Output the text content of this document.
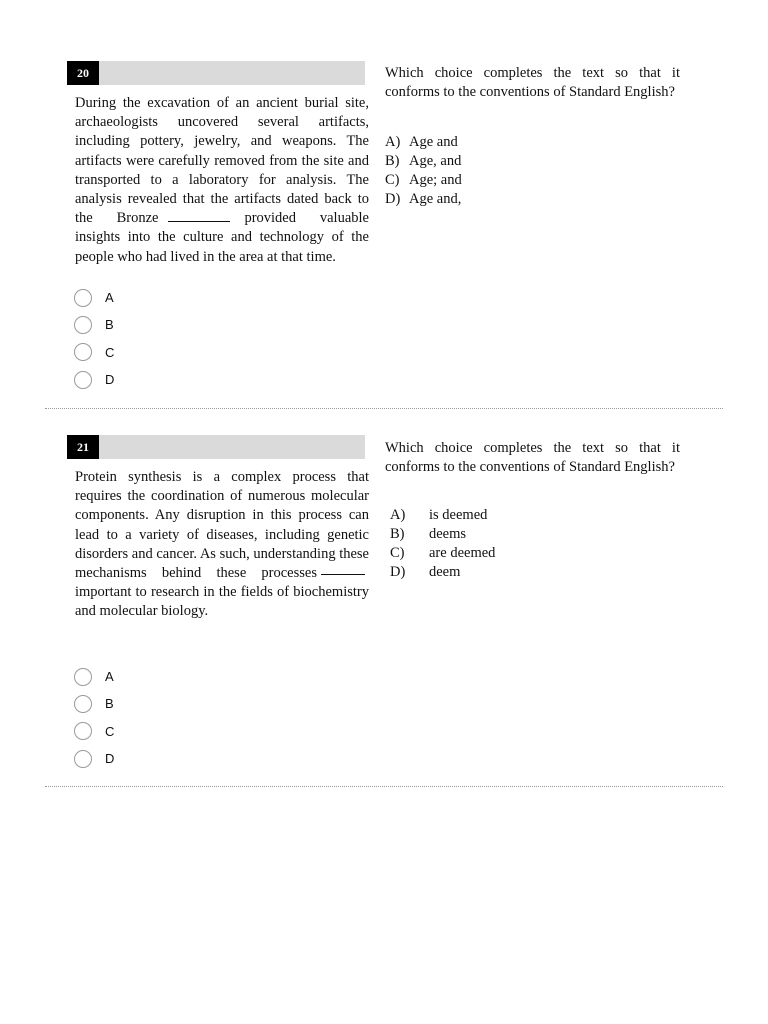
20
During the excavation of an ancient burial site, archaeologists uncovered several artifacts, including pottery, jewelry, and weapons. The artifacts were carefully removed from the site and transported to a laboratory for analysis. The analysis revealed that the artifacts dated back to the Bronze	provided valuable insights into the culture and technology of the people who had lived in the area at that time.
A
B
C
D
Which choice completes the text so that it conforms to the conventions of Standard English?
A) Age and
B) Age, and
C) Age; and
D) Age and,
21
Protein synthesis is a complex process that requires the coordination of numerous molecular components. Any disruption in this process can lead to a variety of diseases, including genetic disorders and cancer. As such, understanding these mechanisms behind these processesimportant to research in the fields of biochemistry and molecular biology.
A
B
C
D
Which choice completes the text so that it conforms to the conventions of Standard English?
A)	is deemed
B)	deems
C)	are deemed
D)	deem
